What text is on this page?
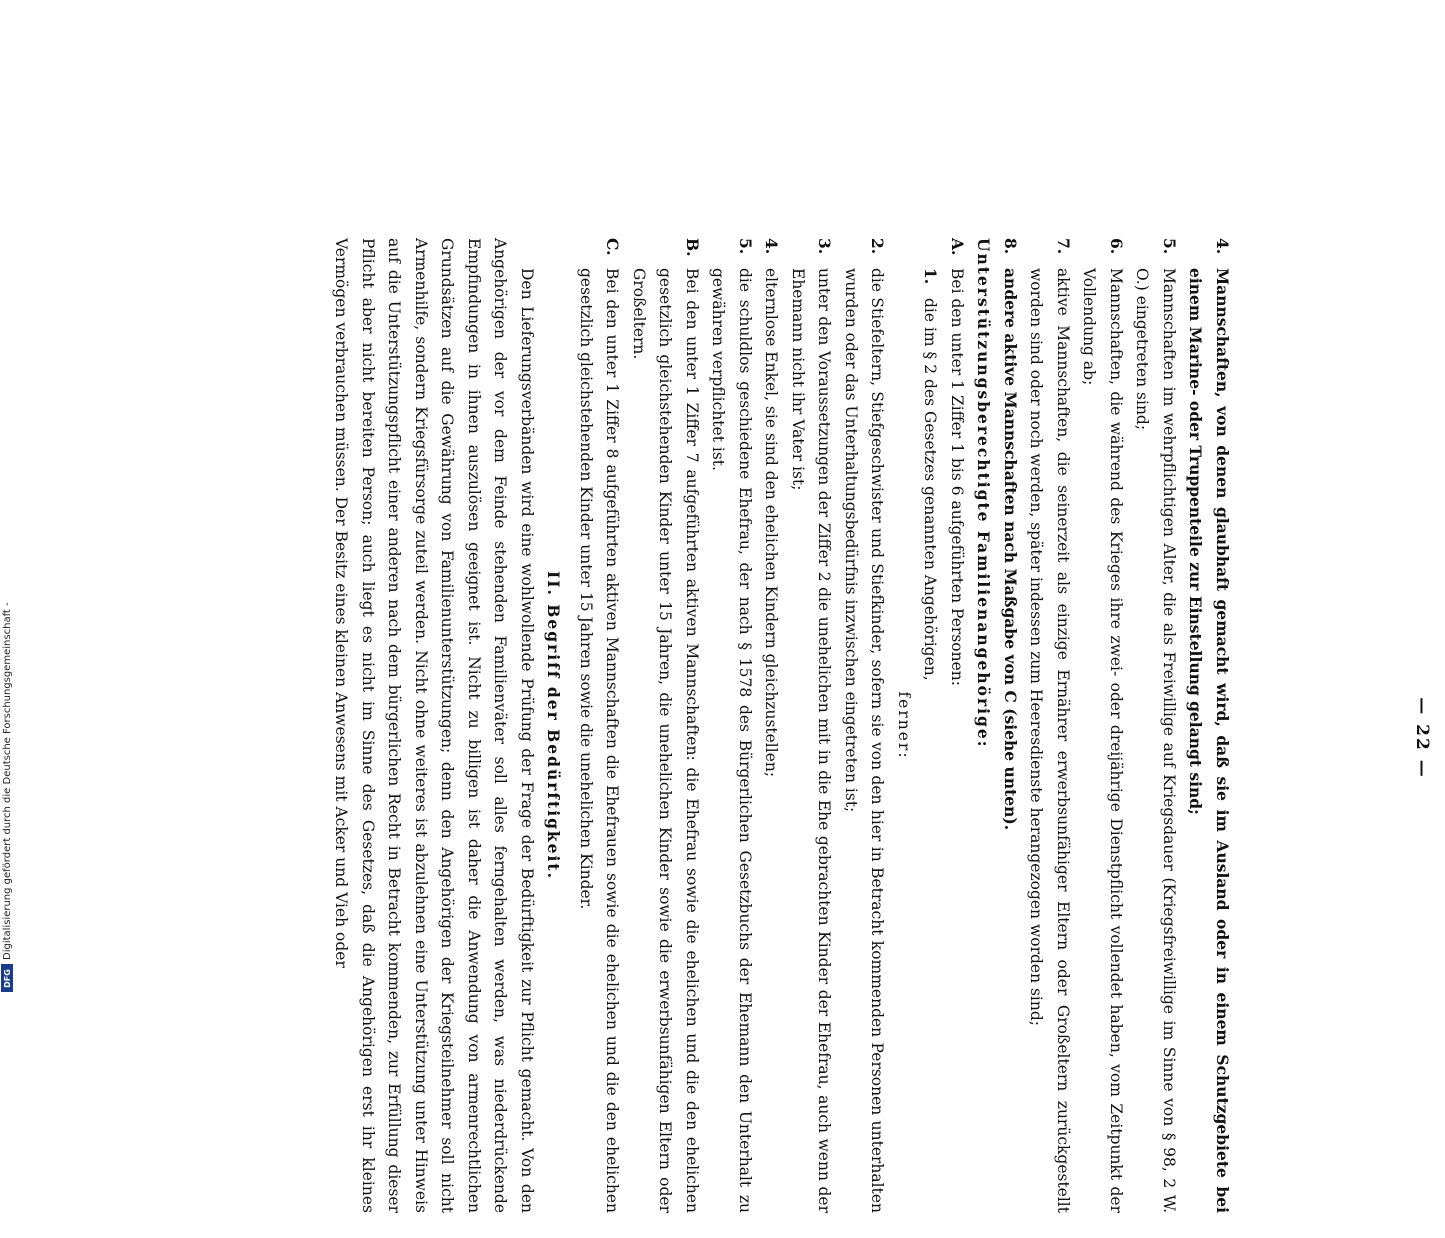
Digitalisierung gefördert durch die Deutsche Forschungsgemeinschaft -
DFG
— 22 —

4.
Mannschaften, von denen glaubhaft gemacht wird, daß sie im Ausland oder in einem Schutzgebiete bei einem Marine- oder Truppenteile zur Einstellung gelangt sind;

5.
Mannschaften im wehrpflichtigen Alter, die als Freiwillige auf Kriegsdauer (Kriegsfreiwillige im Sinne von § 98, 2 W. O.) eingetreten sind;

6.
Mannschaften, die während des Krieges ihre zwei- oder dreijährige Dienstpflicht vollendet haben, vom Zeitpunkt der Vollendung ab;

7.
aktive Mannschaften, die seinerzeit als einzige Ernährer erwerbsunfähiger Eltern oder Großeltern zurückgestellt worden sind oder noch werden, später indessen zum Heeresdienste herangezogen worden sind;

8.
andere aktive Mannschaften nach Maßgabe von C (siehe unten).

Unterstützungsberechtigte Familienangehörige:

A.
Bei den unter 1 Ziffer 1 bis 6 aufgeführten Personen:

1.
die im § 2 des Gesetzes genannten Angehörigen,

ferner:

2.
die Stiefeltern, Stiefgeschwister und Stiefkinder, sofern sie von den hier in Betracht kommenden Personen unterhalten wurden oder das Unterhaltungsbedürfnis inzwischen eingetreten ist;

3.
unter den Voraussetzungen der Ziffer 2 die unehelichen mit in die Ehe gebrachten Kinder der Ehefrau, auch wenn der Ehemann nicht ihr Vater ist;

4.
elternlose Enkel, sie sind den ehelichen Kindern gleichzustellen;

5.
die schuldlos geschiedene Ehefrau, der nach § 1578 des Bürgerlichen Gesetzbuchs der Ehemann den Unterhalt zu gewähren verpflichtet ist.

B.
Bei den unter 1 Ziffer 7 aufgeführten aktiven Mannschaften: die Ehefrau sowie die ehelichen und die den ehelichen gesetzlich gleichstehenden Kinder unter 15 Jahren, die unehelichen Kinder sowie die erwerbsunfähigen Eltern oder Großeltern.

C.
Bei den unter 1 Ziffer 8 aufgeführten aktiven Mannschaften die Ehefrauen sowie die ehelichen und die den ehelichen gesetzlich gleichstehenden Kinder unter 15 Jahren sowie die unehelichen Kinder.

II. Begriff der Bedürftigkeit.

Den Lieferungsverbänden wird eine wohlwollende Prüfung der Frage der Bedürftigkeit zur Pflicht gemacht. Von den Angehörigen der vor dem Feinde stehenden Familienväter soll alles ferngehalten werden, was niederdrückende Empfindungen in ihnen auszulösen geeignet ist. Nicht zu billigen ist daher die Anwendung von armenrechtlichen Grundsätzen auf die Gewährung von Familienunterstützungen; denn den Angehörigen der Kriegsteilnehmer soll nicht Armenhilfe, sondern Kriegsfürsorge zuteil werden. Nicht ohne weiteres ist abzulehnen eine Unterstützung unter Hinweis auf die Unterstützungspflicht einer anderen nach dem bürgerlichen Recht in Betracht kommenden, zur Erfüllung dieser Pflicht aber nicht bereiten Person; auch liegt es nicht im Sinne des Gesetzes, daß die Angehörigen erst ihr kleines Vermögen verbrauchen müssen. Der Besitz eines kleinen Anwesens mit Acker und Vieh oder
